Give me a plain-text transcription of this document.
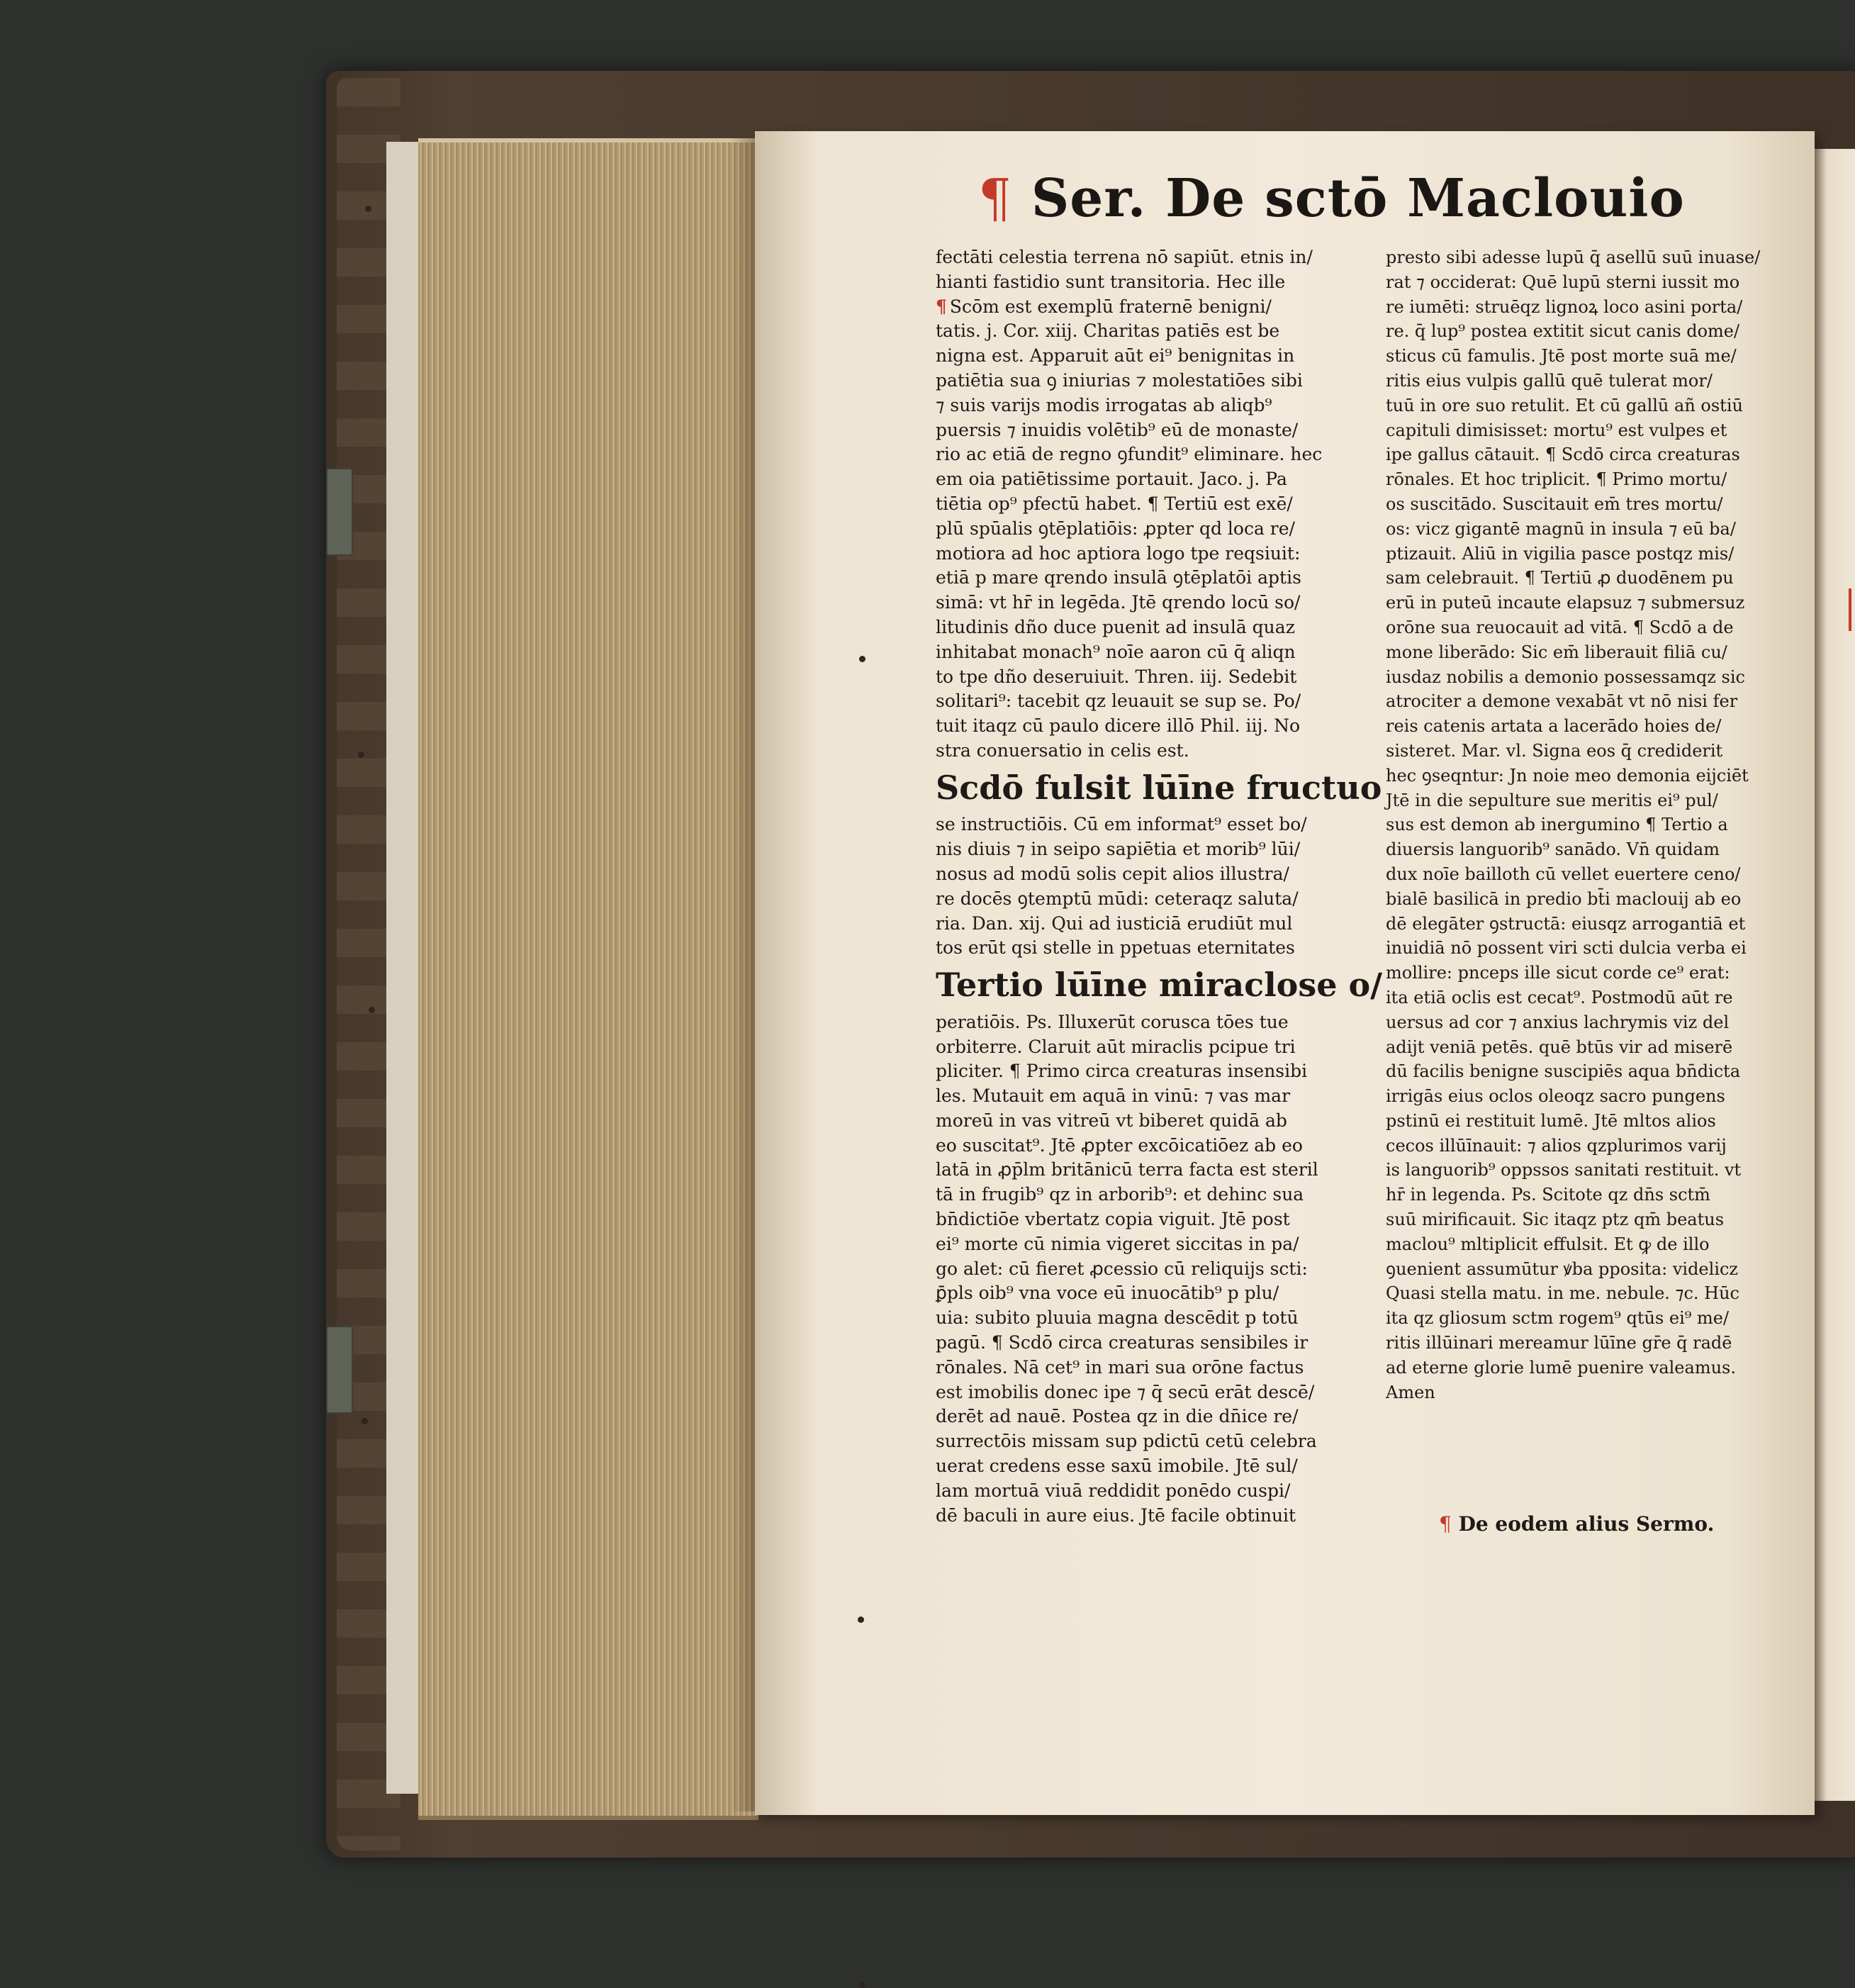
¶ Ser. De sctō Maclouio
fectāti celestia terrena nō sapiūt. etnis in/
hianti fastidio sunt transitoria. Hec ille
¶ Scōm est exemplū fraternē benigni/
tatis. j. Cor. xiij. Charitas patiēs est be
nigna est. Apparuit aūt ei⁹ benignitas in
patiētia sua ꝯ iniurias ⁊ molestatiōes sibi
⁊ suis varijs modis irrogatas ab aliqb⁹
puersis ⁊ inuidis volētib⁹ eū de monaste/
rio ac etiā de regno ꝯfundit⁹ eliminare. hec
em oia patiētissime portauit. Jaco. j. Pa
tiētia op⁹ pfectū habet. ¶ Tertiū est exē/
plū spūalis ꝯtēplatiōis: ꝓpter qd loca re/
motiora ad hoc aptiora logo tpe reqsiuit:
etiā p mare qrendo insulā ꝯtēplatōi aptis
simā: vt hr̄ in legēda. Jtē qrendo locū so/
litudinis dño duce puenit ad insulā quaz
inhitabat monach⁹ noīe aaron cū q̄ aliqn
to tpe dño deseruiuit. Thren. iij. Sedebit
solitari⁹: tacebit qz leuauit se sup se. Po/
tuit itaqz cū paulo dicere illō Phil. iij. No
stra conuersatio in celis est.
Scdō fulsit lūīne fructuo
se instructiōis. Cū em informat⁹ esset bo/
nis diuis ⁊ in seipo sapiētia et morib⁹ lūi/
nosus ad modū solis cepit alios illustra/
re docēs ꝯtemptū mūdi: ceteraqz saluta/
ria. Dan. xij. Qui ad iusticiā erudiūt mul
tos erūt qsi stelle in ppetuas eternitates
Tertio lūīne miraclose o/
peratiōis. Ps. Illuxerūt corusca tōes tue
orbiterre. Claruit aūt miraclis pcipue tri
pliciter. ¶ Primo circa creaturas insensibi
les. Mutauit em aquā in vinū: ⁊ vas mar
moreū in vas vitreū vt biberet quidā ab
eo suscitat⁹. Jtē ꝓpter excōicatiōez ab eo
latā in ꝓp̄lm britānicū terra facta est steril
tā in frugib⁹ qz in arborib⁹: et dehinc sua
bn̄dictiōe vbertatz copia viguit. Jtē post
ei⁹ morte cū nimia vigeret siccitas in pa/
go alet: cū fieret ꝓcessio cū reliquijs scti:
ꝑ̄pls oib⁹ vna voce eū inuocātib⁹ p plu/
uia: subito pluuia magna descēdit p totū
pagū. ¶ Scdō circa creaturas sensibiles ir
rōnales. Nā cet⁹ in mari sua orōne factus
est imobilis donec ipe ⁊ q̄ secū erāt descē/
derēt ad nauē. Postea qz in die dn̄ice re/
surrectōis missam sup pdictū cetū celebra
uerat credens esse saxū imobile. Jtē sul/
lam mortuā viuā reddidit ponēdo cuspi/
dē baculi in aure eius. Jtē facile obtinuit
presto sibi adesse lupū q̄ asellū suū inuase/
rat ⁊ occiderat: Quē lupū sterni iussit mo
re iumēti: struēqz lignoꝝ loco asini porta/
re. q̄ lup⁹ postea extitit sicut canis dome/
sticus cū famulis. Jtē post morte suā me/
ritis eius vulpis gallū quē tulerat mor/
tuū in ore suo retulit. Et cū gallū añ ostiū
capituli dimisisset: mortu⁹ est vulpes et
ipe gallus cātauit. ¶ Scdō circa creaturas
rōnales. Et hoc triplicit. ¶ Primo mortu/
os suscitādo. Suscitauit em̄ tres mortu/
os: vicz gigantē magnū in insula ⁊ eū ba/
ptizauit. Aliū in vigilia pasce postqz mis/
sam celebrauit. ¶ Tertiū ꝓ duodēnem pu
erū in puteū incaute elapsuz ⁊ submersuz
orōne sua reuocauit ad vitā. ¶ Scdō a de
mone liberādo: Sic em̄ liberauit filiā cu/
iusdaz nobilis a demonio possessamqz sic
atrociter a demone vexabāt vt nō nisi fer
reis catenis artata a lacerādo hoies de/
sisteret. Mar. vl. Signa eos q̄ crediderit
hec ꝯseqntur: Jn noie meo demonia eijciēt
Jtē in die sepulture sue meritis ei⁹ pul/
sus est demon ab inergumino ¶ Tertio a
diuersis languorib⁹ sanādo. Vn̄ quidam
dux noīe bailloth cū vellet euertere ceno/
bialē basilicā in predio bt̄i maclouij ab eo
dē elegāter ꝯstructā: eiusqz arrogantiā et
inuidiā nō possent viri scti dulcia verba ei
mollire: pnceps ille sicut corde ce⁹ erat:
ita etiā oclis est cecat⁹. Postmodū aūt re
uersus ad cor ⁊ anxius lachrymis viz del
adijt veniā petēs. quē btūs vir ad miserē
dū facilis benigne suscipiēs aqua bn̄dicta
irrigās eius oclos oleoqz sacro pungens
pstinū ei restituit lumē. Jtē mltos alios
cecos illūīnauit: ⁊ alios qzplurimos varij
is languorib⁹ oppssos sanitati restituit. vt
hr̄ in legenda. Ps. Scitote qz dn̄s sctm̄
suū mirificauit. Sic itaqz ptz qm̄ beatus
maclou⁹ mltiplicit effulsit. Et ꝙ de illo
ꝯuenient assumūtur ꝟba pposita: videlicz
Quasi stella matu. in me. nebule. ⁊c. Hūc
ita qz gliosum sctm rogem⁹ qtūs ei⁹ me/
ritis illūinari mereamur lūīne gr̄e q̄ radē
ad eterne glorie lumē puenire valeamus.
Amen
¶ De eodem alius Sermo.
